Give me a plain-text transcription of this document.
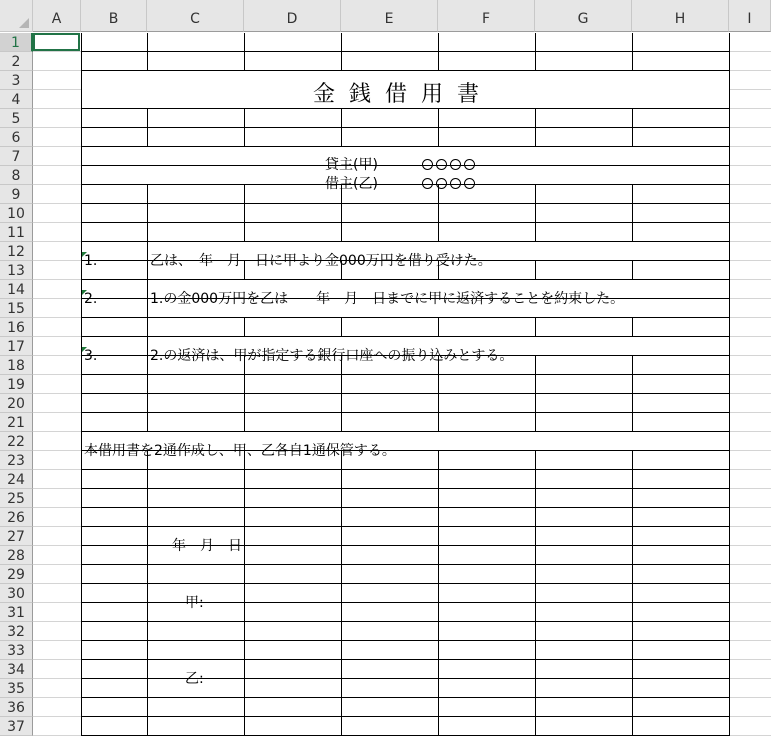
A	B	C	D	E	F	G	H	I
1
2
3
4
5
6
7
8
9
10
11
12
13
14
15
16
17
18
19
20
21
22
23
24
25
26
27
28
29
30
31
32
33
34
35
36
37
金銭借用書
貸主(甲)
借主(乙)
1.	乙は、　年　月　日に甲より金000万円を借り受けた。
2.	1.の金000万円を乙は　　年　月　日までに甲に返済することを約束した。
3.	2.の返済は、甲が指定する銀行口座への振り込みとする。
本借用書を2通作成し、甲、乙各自1通保管する。
年　月　日
甲:
乙:
